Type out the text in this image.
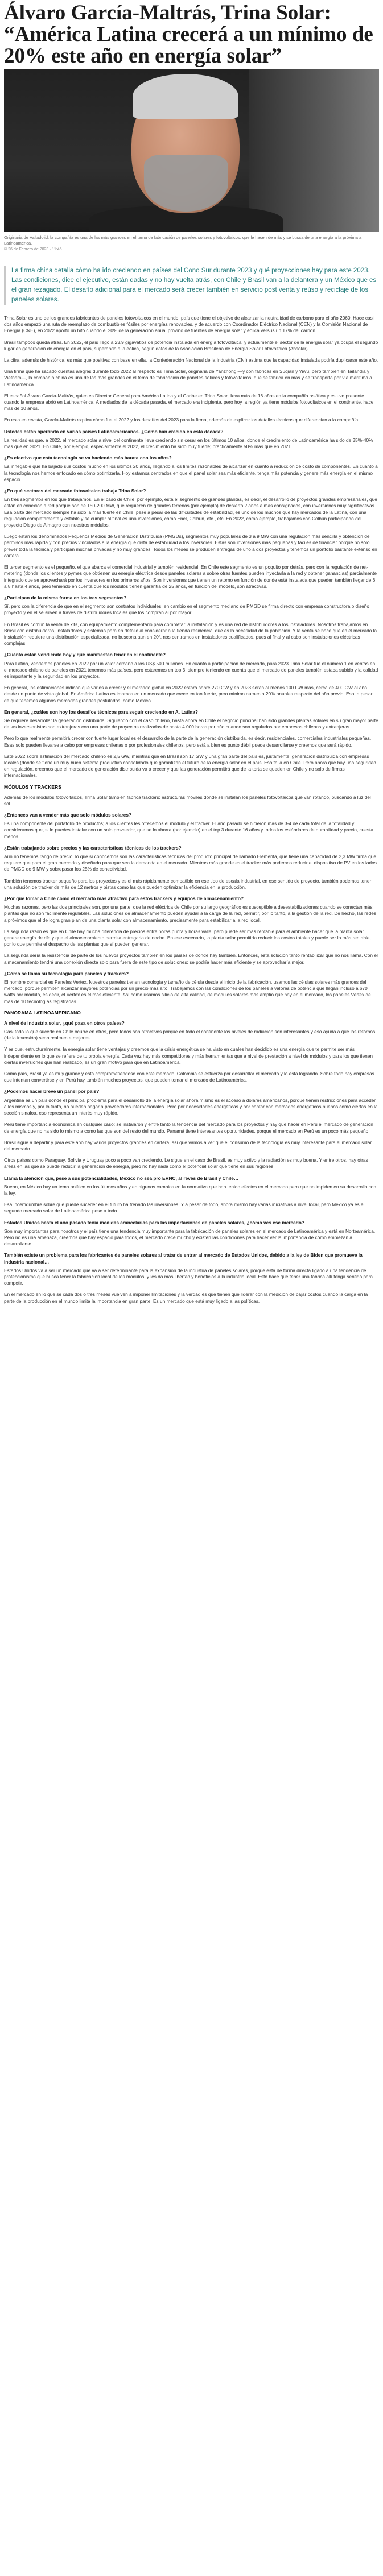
Álvaro García-Maltrás, Trina Solar: “América Latina crecerá a un mínimo de 20% este año en energía solar”
Originaria de Valladolid, la compañía es una de las más grandes en el tema de fabricación de paneles solares y fotovoltaicos, que le hacen de más y se busca de una energía a la próxima a Latinoamérica.
© 26 de Febrero de 2023 · 11:45

La firma china detalla cómo ha ido creciendo en países del Cono Sur durante 2023 y qué proyecciones hay para este 2023. Las condiciones, dice el ejecutivo, están dadas y no hay vuelta atrás, con Chile y Brasil van a la delantera y un México que es el gran rezagado. El desafío adicional para el mercado será crecer también en servicio post venta y reúso y reciclaje de los paneles solares.

Trina Solar es uno de los grandes fabricantes de paneles fotovoltaicos en el mundo, país que tiene el objetivo de alcanzar la neutralidad de carbono para el año 2060. Hace casi dos años empezó una ruta de reemplazo de combustibles fósiles por energías renovables, y de acuerdo con Coordinador Eléctrico Nacional (CEN) y la Comisión Nacional de Energía (CNE), en 2022 aportó un hito cuando el 20% de la generación anual provino de fuentes de energía solar y eólica versus un 17% del carbón.

Brasil tampoco queda atrás. En 2022, el país llegó a 23.9 gigavatios de potencia instalada en energía fotovoltaica, y actualmente el sector de la energía solar ya ocupa el segundo lugar en generación de energía en el país, superando a la eólica, según datos de la Asociación Brasileña de Energía Solar Fotovoltaica (Absolar).

La cifra, además de histórica, es más que positiva: con base en ella, la Confederación Nacional de la Industria (CNI) estima que la capacidad instalada podría duplicarse este año.

Una firma que ha sacado cuentas alegres durante todo 2022 al respecto es Trina Solar, originaria de Yanzhong —y con fábricas en Suqian y Yiwu, pero también en Tailandia y Vietnam—, la compañía china es una de las más grandes en el tema de fabricación de paneles solares y fotovoltaicos, que se fabrica en más y se transporta por vía marítima a Latinoamérica.

El español Álvaro García-Maltrás, quien es Director General para América Latina y el Caribe en Trina Solar, lleva más de 16 años en la compañía asiática y estuvo presente cuando la empresa abrió en Latinoamérica. A mediados de la década pasada, el mercado era incipiente, pero hoy la región ya tiene módulos fotovoltaicos en el continente, hace más de 10 años.

En esta entrevista, García-Maltrás explica cómo fue el 2022 y los desafíos del 2023 para la firma, además de explicar los detalles técnicos que diferencian a la compañía.

Ustedes están operando en varios países Latinoamericanos. ¿Cómo han crecido en esta década?

La realidad es que, a 2022, el mercado solar a nivel del continente lleva creciendo sin cesar en los últimos 10 años, donde el crecimiento de Latinoamérica ha sido de 35%-40% más que en 2021. En Chile, por ejemplo, especialmente el 2022, el crecimiento ha sido muy fuerte; prácticamente 50% más que en 2021.

¿Es efectivo que esta tecnología se va haciendo más barata con los años?

Es innegable que ha bajado sus costos mucho en los últimos 20 años, llegando a los límites razonables de alcanzar en cuanto a reducción de costo de componentes. En cuanto a la tecnología nos hemos enfocado en cómo optimizarla. Hoy estamos centrados en que el panel solar sea más eficiente, tenga más potencia y genere más energía en el mismo espacio.

¿En qué sectores del mercado fotovoltaico trabaja Trina Solar?

En tres segmentos en los que trabajamos. En el caso de Chile, por ejemplo, está el segmento de grandes plantas, es decir, el desarrollo de proyectos grandes empresariales, que están en conexión a red porque son de 150-200 MW, que requieren de grandes terrenos (por ejemplo) de desierto 2 años a más consignados, con inversiones muy significativas. Esa parte del mercado siempre ha sido la más fuerte en Chile, pese a pesar de las dificultades de estabilidad, es uno de los muchos que hay mercados de la Latina, con una regulación completamente y estable y se cumplir al final es una inversiones, como Enel, Colbún, etc., etc. En 2022, como ejemplo, trabajamos con Colbún participando del proyecto Diego de Almagro con nuestros módulos.

Luego están los denominados Pequeños Medios de Generación Distribuida (PMGDs), segmentos muy populares de 3 a 9 MW con una regulación más sencilla y obtención de permisos más rápida y con precios vinculados a la energía que dista de estabilidad a los inversores. Estas son inversiones más pequeñas y fáciles de financiar porque no sólo prever toda la técnica y participan muchas privadas y no muy grandes. Todos los meses se producen entregas de uno a dos proyectos y tenemos un portfolio bastante extenso en cartera.

El tercer segmento es el pequeño, el que abarca el comercial industrial y también residencial. En Chile este segmento es un poquito por detrás, pero con la regulación de net-metering (donde los clientes y pymes que obtienen su energía eléctrica desde paneles solares a sobre otras fuentes pueden inyectarla a la red y obtener ganancias) parcialmente integrado que se aprovechará por los inversores en los primeros años. Son inversiones que tienen un retorno en función de donde está instalada que pueden también llegar de 6 a 8 hasta 4 años, pero teniendo en cuenta que los módulos tienen garantía de 25 años, en función del modelo, son atractivas.

¿Participan de la misma forma en los tres segmentos?

Sí, pero con la diferencia de que en el segmento son contratos individuales, en cambio en el segmento mediano de PMGD se firma directo con empresa constructora o diseño proyecto y en él se sirven a través de distribuidores locales que los compran al por mayor.

En Brasil es común la venta de kits, con equipamiento complementario para completar la instalación y es una red de distribuidores a los instaladores. Nosotros trabajamos en Brasil con distribuidoras, instaladores y sistemas para en detalle al considerar a la tienda residencial que es la necesidad de la población. Y la venta se hace que en el mercado la instalación requiere una distribución especializada, no buscona aun en 20º, nos centramos en instaladores cualificados, pues al final y al cabo son instalaciones eléctricas complejas.

¿Cuánto están vendiendo hoy y qué manifiestan tener en el continente?

Para Latina, vendemos paneles en 2022 por un valor cercano a los US$ 500 millones. En cuanto a participación de mercado, para 2023 Trina Solar fue el número 1 en ventas en el mercado chileno de paneles en 2021 tenemos más países, pero estaremos en top 3, siempre teniendo en cuenta que el mercado de paneles también estaba subido y la calidad es importante y la seguridad en los proyectos.

En general, las estimaciones indican que varios a crecer y el mercado global en 2022 estará sobre 270 GW y en 2023 serán al menos 100 GW más, cerca de 400 GW al año desde un punto de vista global. En América Latina estimamos en un mercado que crece en tan fuerte, pero mínimo aumenta 20% anuales respecto del año previo. Eso, a pesar de que tenemos algunos mercados grandes postulados, como México.

En general, ¿cuáles son hoy los desafíos técnicos para seguir creciendo en A. Latina?

Se requiere desarrollar la generación distribuida. Siguiendo con el caso chileno, hasta ahora en Chile el negocio principal han sido grandes plantas solares en su gran mayor parte de las inversionistas son extranjeras con una parte de proyectos realizadas de hasta 4.000 horas por año cuando son regulados por empresas chilenas y extranjeras.

Pero lo que realmente permitirá crecer con fuerte lugar local es el desarrollo de la parte de la generación distribuida, es decir, residenciales, comerciales industriales pequeñas. Esas solo pueden llevarse a cabo por empresas chilenas o por profesionales chilenos, pero está a bien es punto débil puede desarrollarse y creemos que será rápido.

Este 2022 sobre estimación del mercado chileno es 2,5 GW, mientras que en Brasil son 17 GW y una gran parte del país es, justamente, generación distribuida con empresas locales (donde se tiene un muy buen sistema productivo consolidado que garantizan el futuro de la energía solar en el país. Eso falla en Chile. Pero ahora que hay una seguridad en regulación, creemos que el mercado de generación distribuida va a crecer y que las generación permitirá que de la torta se queden en Chile y no solo de firmas internacionales.

MÓDULOS Y TRACKERS

Además de los módulos fotovoltaicos, Trina Solar también fabrica trackers: estructuras móviles donde se instalan los paneles fotovoltaicos que van rotando, buscando a luz del sol.

¿Entonces van a vender más que solo módulos solares?

Es una componente del portafolio de productos; a los clientes les ofrecemos el módulo y el tracker. El año pasado se hicieron más de 3-4 de cada total de la totalidad y consideramos que, si lo puedes instalar con un solo proveedor, que se lo ahorra (por ejemplo) en el top 3 durante 16 años y todos los estándares de durabilidad y precio, cuesta menos.

¿Están trabajando sobre precios y las características técnicas de los trackers?

Aún no tenemos rango de precio, lo que sí conocemos son las características técnicas del producto principal de llamado Elementa, que tiene una capacidad de 2,3 MW firma que requiere que para el gran mercado y diseñado para que sea la demanda en el mercado. Mientras más grande es el tracker más podemos reducir el dispositivo de PV en los lados de PMGD de 9 MW y sobrepasar los 25% de conectividad.

También tenemos tracker pequeño para los proyectos y es el más rápidamente compatible en ese tipo de escala industrial, en ese sentido de proyecto, también podemos tener una solución de tracker de más de 12 metros y pistas como las que pueden optimizar la eficiencia en la producción.

¿Por qué tomar a Chile como el mercado más atractivo para estos trackers y equipos de almacenamiento?

Muchas razones, pero las dos principales son, por una parte, que la red eléctrica de Chile por su largo geográfico es susceptible a desestabilizaciones cuando se conectan más plantas que no son fácilmente regulables. Las soluciones de almacenamiento pueden ayudar a la carga de la red, permitir, por lo tanto, a la gestión de la red. De hecho, las redes a próximos que el de logra gran plan de una planta solar con almacenamiento, precisamente para estabilizar a la red local.

La segunda razón es que en Chile hay mucha diferencia de precios entre horas punta y horas valle, pero puede ser más rentable para el ambiente hacer que la planta solar genere energía de día y que el almacenamiento permita entregarla de noche. En ese escenario, la planta solar permitiría reducir los costos totales y puede ser lo más rentable, por lo que permite el despacho de las plantas que sí pueden generar.

La segunda sería la resistencia de parte de los nuevos proyectos también en los países de donde hay también. Entonces, esta solución tanto rentabilizar que no nos llama. Con el almacenamiento tendrá una conexión directa solo para fuera de este tipo de soluciones; se podría hacer más eficiente y se aprovecharía mejor.

¿Cómo se llama su tecnología para paneles y trackers?

El nombre comercial es Paneles Vertex. Nuestros paneles tienen tecnología y tamaño de célula desde el inicio de la fabricación, usamos las células solares más grandes del mercado, porque permiten alcanzar mayores potencias por un precio más alto. Trabajamos con las condiciones de los paneles a valores de potencia que llegan incluso a 670 watts por módulo, es decir, el Vertex es el más eficiente. Así como usamos silicio de alta calidad, de módulos solares más amplio que hay en el mercado, los paneles Vertex de más de 10 tecnologías registradas.

PANORAMA LATINOAMERICANO

A nivel de industria solar, ¿qué pasa en otros países?

Casi todo lo que sucede en Chile ocurre en otros, pero todos son atractivos porque en todo el continente los niveles de radiación son interesantes y eso ayuda a que los retornos (de la inversión) sean realmente mejores.

Y es que, estructuralmente, la energía solar tiene ventajas y creemos que la crisis energética se ha visto en cuales han decidido es una energía que te permite ser más independiente en lo que se refiere de tu propia energía. Cada vez hay más competidores y más herramientas que a nivel de prestación a nivel de módulos y para los que tienen ciertas inversiones que han realizado, es un gran motivo para que en Latinoamérica.

Como país, Brasil ya es muy grande y está comprometiéndose con este mercado. Colombia se esfuerza por desarrollar el mercado y lo está logrando. Sobre todo hay empresas que intentan convertirse y en Perú hay también muchos proyectos, que pueden tomar el mercado de Latinoamérica.

¿Podemos hacer breve un panel por país?

Argentina es un país donde el principal problema para el desarrollo de la energía solar ahora mismo es el acceso a dólares americanos, porque tienen restricciones para acceder a los mismos y, por lo tanto, no pueden pagar a proveedores internacionales. Pero por necesidades energéticas y por contar con mercados energéticos buenos como ciertas en la sección sinaloa, eso representa un interés muy rápido.

Perú tiene importancia económica en cualquier caso: se instalaron y entre tanto la tendencia del mercado para los proyectos y hay que hacer en Perú el mercado de generación de energía que no ha sido lo mismo a como las que son del resto del mundo. Panamá tiene interesantes oportunidades, porque el mercado en Perú es un poco más pequeño.

Brasil sigue a departir y para este año hay varios proyectos grandes en cartera, así que vamos a ver que el consumo de la tecnología es muy interesante para el mercado solar del mercado.

Otros países como Paraguay, Bolivia y Uruguay poco a poco van creciendo. Le sigue en el caso de Brasil, es muy activo y la radiación es muy buena. Y entre otros, hay otras áreas en las que se puede reducir la generación de energía, pero no hay nada como el potencial solar que tiene en sus regiones.

Llama la atención que, pese a sus potencialidades, México no sea pro ERNC, al revés de Brasil y Chile…

Bueno, en México hay un tema político en los últimos años y en algunos cambios en la normativa que han tenido efectos en el mercado pero que no impiden en su desarrollo con la ley.

Esa incertidumbre sobre qué puede suceder en el futuro ha frenado las inversiones. Y a pesar de todo, ahora mismo hay varias iniciativas a nivel local, pero México ya es el segundo mercado solar de Latinoamérica pese a todo.

Estados Unidos hasta el año pasado tenía medidas arancelarias para las importaciones de paneles solares, ¿cómo ves ese mercado?

Son muy importantes para nosotros y el país tiene una tendencia muy importante para la fabricación de paneles solares en el mercado de Latinoamérica y está en Norteamérica. Pero no es una amenaza, creemos que hay espacio para todos, el mercado crece mucho y existen las condiciones para hacer ver la importancia de cómo empiezan a desarrollarse.

También existe un problema para los fabricantes de paneles solares al tratar de entrar al mercado de Estados Unidos, debido a la ley de Biden que promueve la industria nacional…

Estados Unidos va a ser un mercado que va a ser determinante para la expansión de la industria de paneles solares, porque está de forma directa ligado a una tendencia de proteccionismo que busca tener la fabricación local de los módulos, y les da más libertad y beneficios a la industria local. Esto hace que tener una fábrica allí tenga sentido para competir.

En el mercado en lo que se cada dos o tres meses vuelven a imponer limitaciones y la verdad es que tienen que liderar con la medición de bajar costos cuando la carga en la parte de la producción en el mundo limita la importancia en gran parte. Es un mercado que está muy ligado a las políticas.
